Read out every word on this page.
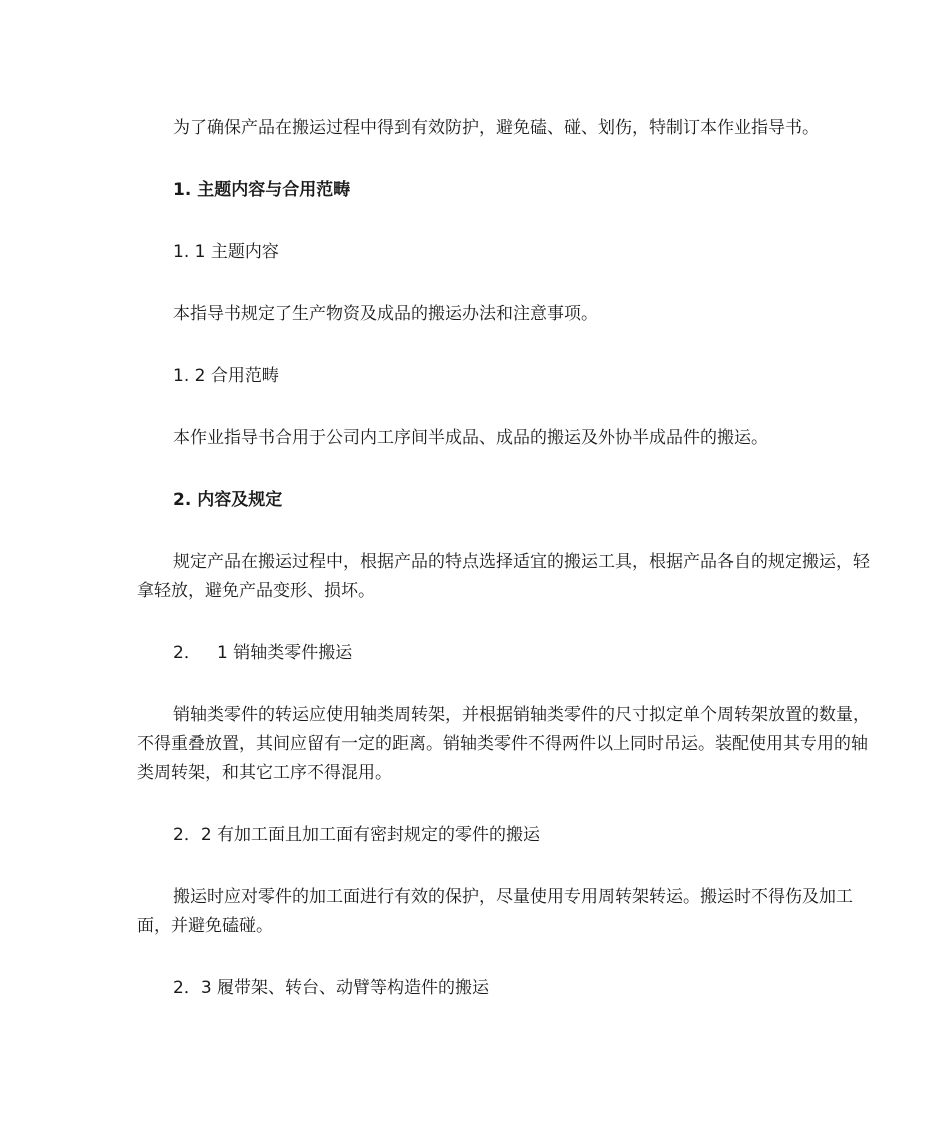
为了确保产品在搬运过程中得到有效防护，避免磕、碰、划伤，特制订本作业指导书。

1. 主题内容与合用范畴

1. 1 主题内容

本指导书规定了生产物资及成品的搬运办法和注意事项。

1. 2 合用范畴

本作业指导书合用于公司内工序间半成品、成品的搬运及外协半成品件的搬运。

2. 内容及规定

规定产品在搬运过程中，根据产品的特点选择适宜的搬运工具，根据产品各自的规定搬运，轻拿轻放，避免产品变形、损坏。

2．   1 销轴类零件搬运

销轴类零件的转运应使用轴类周转架，并根据销轴类零件的尺寸拟定单个周转架放置的数量，不得重叠放置，其间应留有一定的距离。销轴类零件不得两件以上同时吊运。装配使用其专用的轴类周转架，和其它工序不得混用。

2．2 有加工面且加工面有密封规定的零件的搬运

搬运时应对零件的加工面进行有效的保护，尽量使用专用周转架转运。搬运时不得伤及加工面，并避免磕碰。

2．3 履带架、转台、动臂等构造件的搬运
